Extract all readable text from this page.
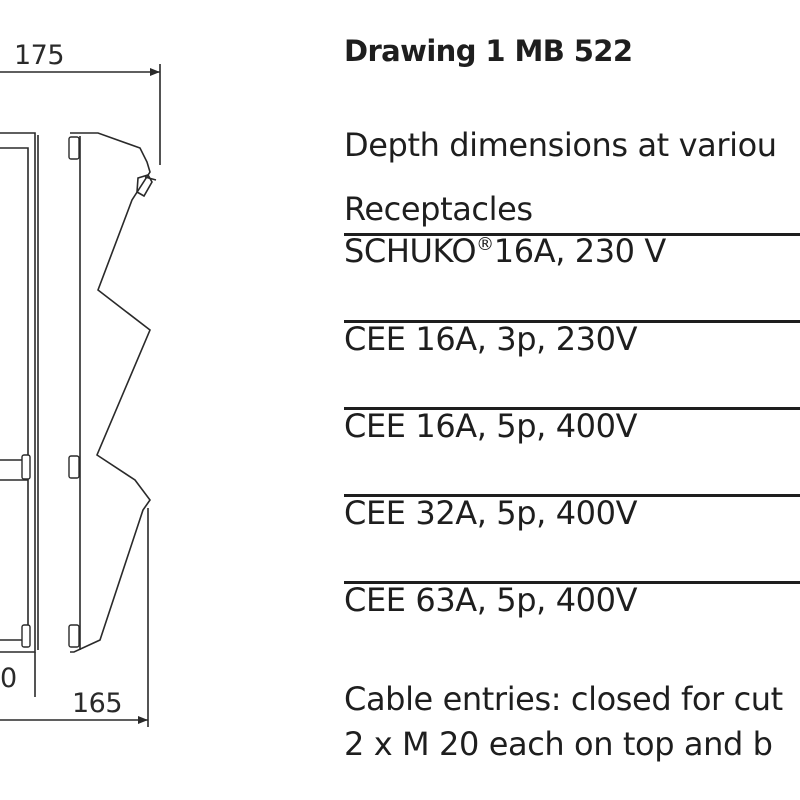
175
165
0
Drawing 1 MB 522
Depth dimensions at variou
Receptacles
SCHUKO®16A, 230 V
CEE 16A, 3p, 230V
CEE 16A, 5p, 400V
CEE 32A, 5p, 400V
CEE 63A, 5p, 400V
Cable entries: closed for cut
2 x M 20 each on top and b
